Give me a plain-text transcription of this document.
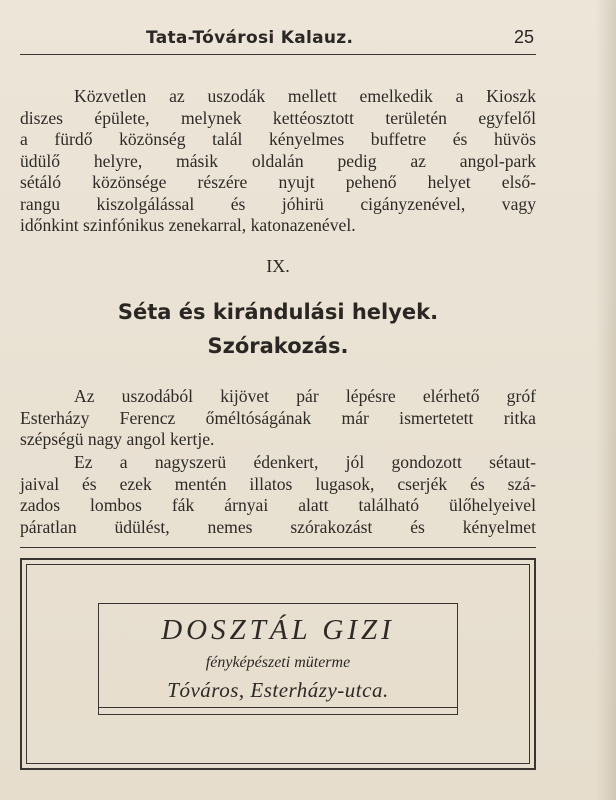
Tata-Tóvárosi Kalauz.	25
Közvetlen az uszodák mellett emelkedik a Kioszk
diszes épülete, melynek kettéosztott területén egyfelől
a fürdő közönség talál kényelmes buffetre és hüvös
üdülő helyre, másik oldalán pedig az angol-park
sétáló közönsége részére nyujt pehenő helyet első-
rangu kiszolgálással és jóhirü cigányzenével, vagy
időnkint szinfónikus zenekarral, katonazenével.
IX.
Séta és kirándulási helyek.
Szórakozás.
Az uszodából kijövet pár lépésre elérhető gróf
Esterházy Ferencz őméltóságának már ismertetett ritka
szépségü nagy angol kertje.
Ez a nagyszerü édenkert, jól gondozott sétaut-
jaival és ezek mentén illatos lugasok, cserjék és szá-
zados lombos fák árnyai alatt található ülőhelyeivel
páratlan üdülést, nemes szórakozást és kényelmet
DOSZTÁL GIZI
fényképészeti müterme
Tóváros, Esterházy-utca.
